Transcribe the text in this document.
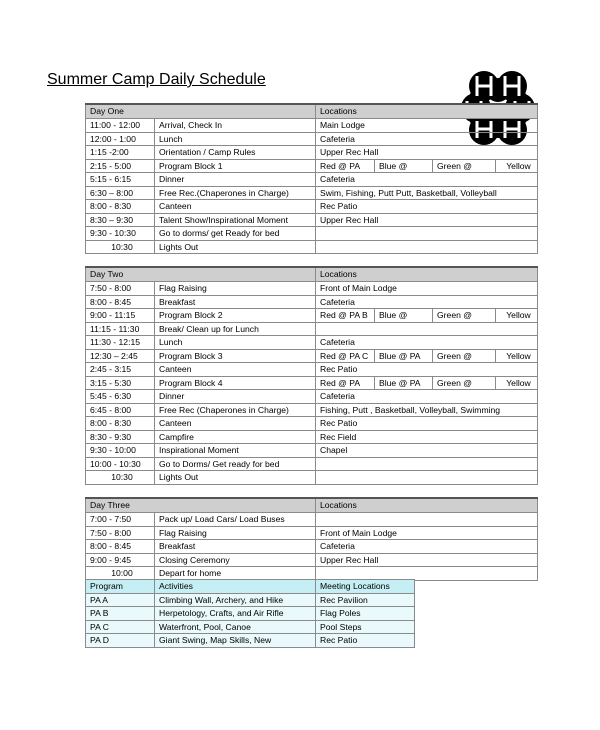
Summer Camp Daily Schedule
Day One		Locations			
11:00 - 12:00	Arrival, Check In	Main Lodge			
12:00 - 1:00	Lunch	Cafeteria			
1:15 -2:00	Orientation / Camp Rules	Upper Rec Hall			
2:15 - 5:00	Program Block 1	Red @ PA	Blue @	Green @	Yellow
5:15 - 6:15	Dinner	Cafeteria			
6:30 – 8:00	Free Rec.(Chaperones in Charge)	Swim, Fishing, Putt Putt, Basketball, Volleyball			
8:00 - 8:30	Canteen	Rec Patio			
8:30 – 9:30	Talent Show/Inspirational Moment	Upper Rec Hall			
9:30 - 10:30	Go to dorms/ get Ready for bed				
10:30	Lights Out				
Day Two		Locations			
7:50 - 8:00	Flag Raising	Front of Main Lodge			
8:00 - 8:45	Breakfast	Cafeteria			
9:00 - 11:15	Program Block 2	Red @ PA B	Blue @	Green @	Yellow
11:15 - 11:30	Break/ Clean up for Lunch				
11:30 - 12:15	Lunch	Cafeteria			
12:30 – 2:45	Program Block 3	Red @ PA C	Blue @ PA	Green @	Yellow
2:45 - 3:15	Canteen	Rec Patio			
3:15 - 5:30	Program Block 4	Red @ PA	Blue @ PA	Green @	Yellow
5:45 - 6:30	Dinner	Cafeteria			
6:45 - 8:00	Free Rec (Chaperones in Charge)	Fishing, Putt , Basketball, Volleyball, Swimming			
8:00 - 8:30	Canteen	Rec Patio			
8:30 - 9:30	Campfire	Rec Field			
9:30 - 10:00	Inspirational Moment	Chapel			
10:00 - 10:30	Go to Dorms/ Get ready for bed				
10:30	Lights Out				
Day Three		Locations
7:00 - 7:50	Pack up/ Load Cars/ Load Buses	
7:50 - 8:00	Flag Raising	Front of Main Lodge
8:00 - 8:45	Breakfast	Cafeteria
9:00 - 9:45	Closing Ceremony	Upper Rec Hall
10:00	Depart for home	
Program	Activities	Meeting Locations
PA A	Climbing Wall, Archery, and Hike	Rec Pavilion
PA B	Herpetology, Crafts, and Air Rifle	Flag Poles
PA C	Waterfront, Pool, Canoe	Pool Steps
PA D	Giant Swing, Map Skills, New	Rec Patio
